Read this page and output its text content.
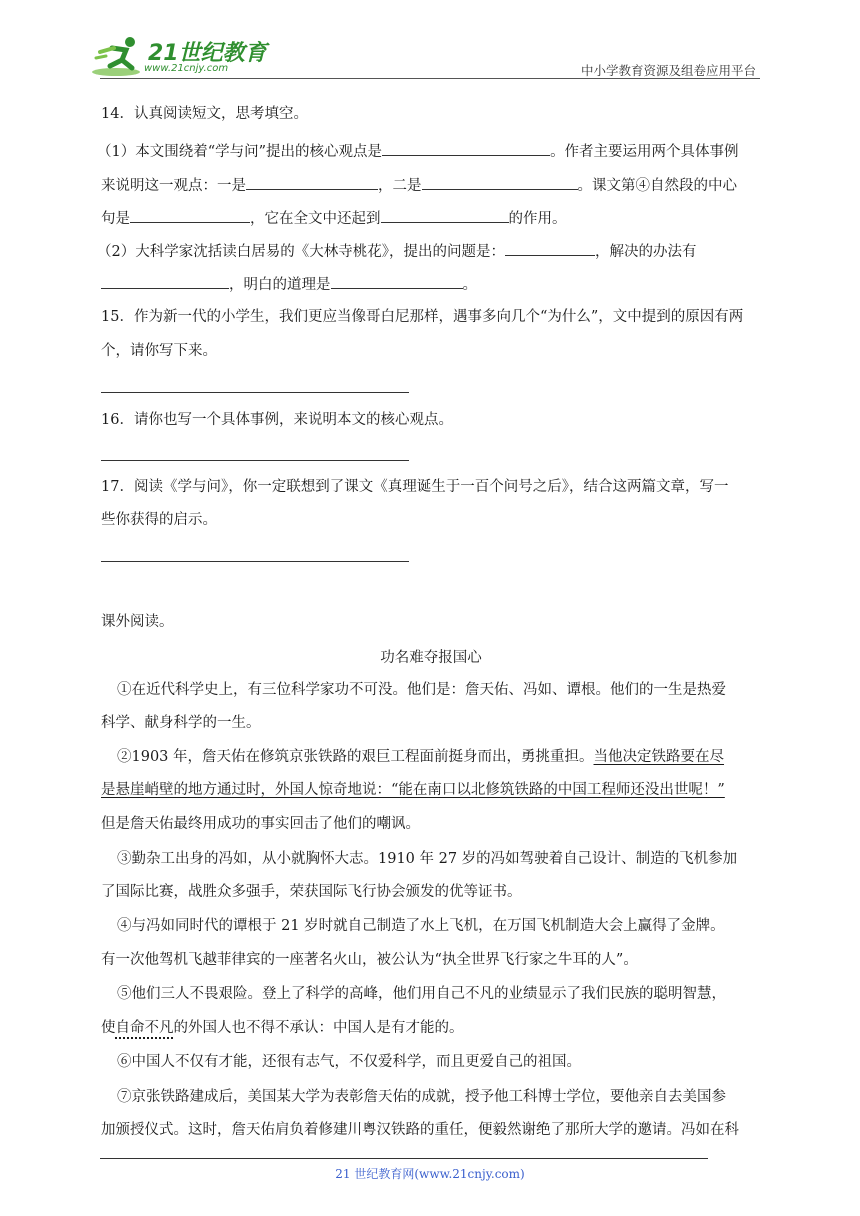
21世纪教育
www.21cnjy.com	中小学教育资源及组卷应用平台
14．认真阅读短文，思考填空。
（1）本文围绕着“学与问”提出的核心观点是	。作者主要运用两个具体事例
来说明这一观点：一是	，二是	。课文第④自然段的中心
句是	，它在全文中还起到	的作用。
（2）大科学家沈括读白居易的《大林寺桃花》，提出的问题是：	，解决的办法有
，明白的道理是	。
15．作为新一代的小学生，我们更应当像哥白尼那样，遇事多向几个“为什么”，文中提到的原因有两
个，请你写下来。
16．请你也写一个具体事例，来说明本文的核心观点。
17．阅读《学与问》，你一定联想到了课文《真理诞生于一百个问号之后》，结合这两篇文章，写一
些你获得的启示。
课外阅读。
功名难夺报国心
①在近代科学史上，有三位科学家功不可没。他们是：詹天佑、冯如、谭根。他们的一生是热爱
科学、献身科学的一生。
②1903 年，詹天佑在修筑京张铁路的艰巨工程面前挺身而出，勇挑重担。当他决定铁路要在尽
是悬崖峭壁的地方通过时，外国人惊奇地说：“能在南口以北修筑铁路的中国工程师还没出世呢！”
但是詹天佑最终用成功的事实回击了他们的嘲讽。
③勤杂工出身的冯如，从小就胸怀大志。1910 年 27 岁的冯如驾驶着自己设计、制造的飞机参加
了国际比赛，战胜众多强手，荣获国际飞行协会颁发的优等证书。
④与冯如同时代的谭根于 21 岁时就自己制造了水上飞机，在万国飞机制造大会上赢得了金牌。
有一次他驾机飞越菲律宾的一座著名火山，被公认为“执全世界飞行家之牛耳的人”。
⑤他们三人不畏艰险。登上了科学的高峰，他们用自己不凡的业绩显示了我们民族的聪明智慧，
使自命不凡的外国人也不得不承认：中国人是有才能的。
⑥中国人不仅有才能，还很有志气，不仅爱科学，而且更爱自己的祖国。
⑦京张铁路建成后，美国某大学为表彰詹天佑的成就，授予他工科博士学位，要他亲自去美国参
加颁授仪式。这时，詹天佑肩负着修建川粤汉铁路的重任，便毅然谢绝了那所大学的邀请。冯如在科
21 世纪教育网(www.21cnjy.com)
